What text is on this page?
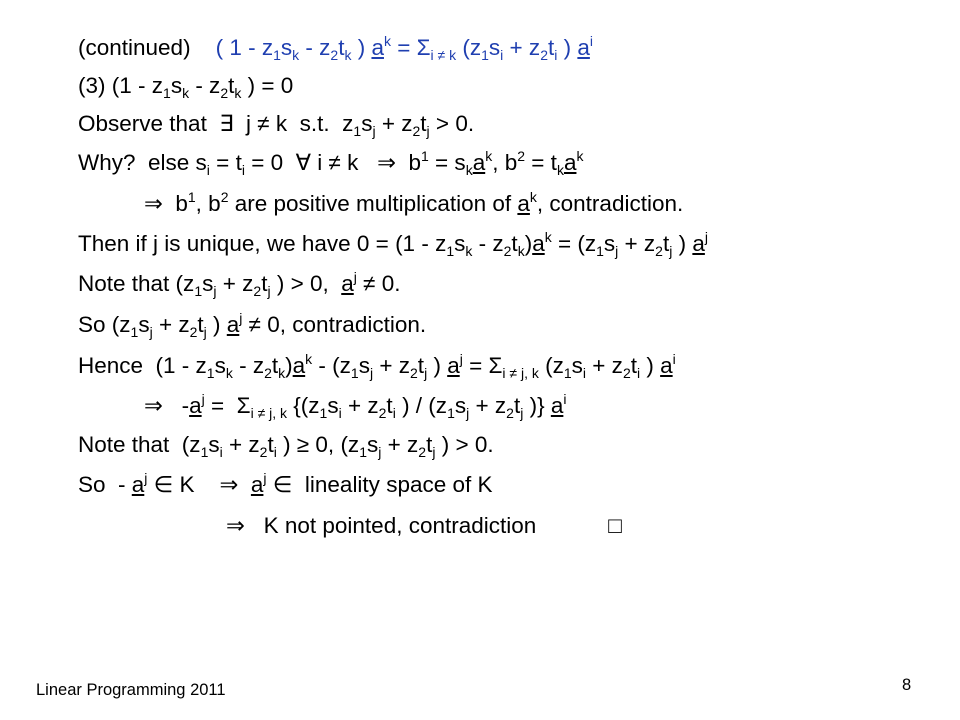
(continued)    ( $1 - z_1s_k - z_2t_k$ ) $a^k = \Sigma_{i \ne k}$ ($z_1s_i + z_2t_i$ ) $a^i$
(3) ($1 - z_1s_k - z_2t_k$ ) = 0
Observe that  ∃  j ≠ k  s.t.  $z_1s_j + z_2t_j > 0$.
Why?  else $s_i = t_i = 0$  ∀ i ≠ k   ⇒  $b^1 = s_ka^k$, $b^2 = t_ka^k$
⇒  $b^1$, $b^2$ are positive multiplication of $a^k$, contradiction.
Then if j is unique, we have $0 = (1 - z_1s_k - z_2t_k)a^k = (z_1s_j + z_2t_j$ ) $a^j$
Note that ($z_1s_j + z_2t_j$ ) > 0,  $a^j \ne 0$.
So ($z_1s_j + z_2t_j$ ) $a^j \ne 0$, contradiction.
Hence  $(1 - z_1s_k - z_2t_k)a^k - (z_1s_j + z_2t_j$ ) $a^j = \Sigma_{i \ne j, k}$ ($z_1s_i + z_2t_i$ ) $a^i$
⇒   $-a^j = \Sigma_{i \ne j, k}$ {($z_1s_i + z_2t_i$ ) / ($z_1s_j + z_2t_j$ )} $a^i$
Note that  ($z_1s_i + z_2t_i$ ) ≥ 0, ($z_1s_j + z_2t_j$ ) > 0.
So  - $a^j$ ∈ K    ⇒  $a^j$ ∈  lineality space of K
⇒   K not pointed, contradiction	□
Linear Programming 2011	8
